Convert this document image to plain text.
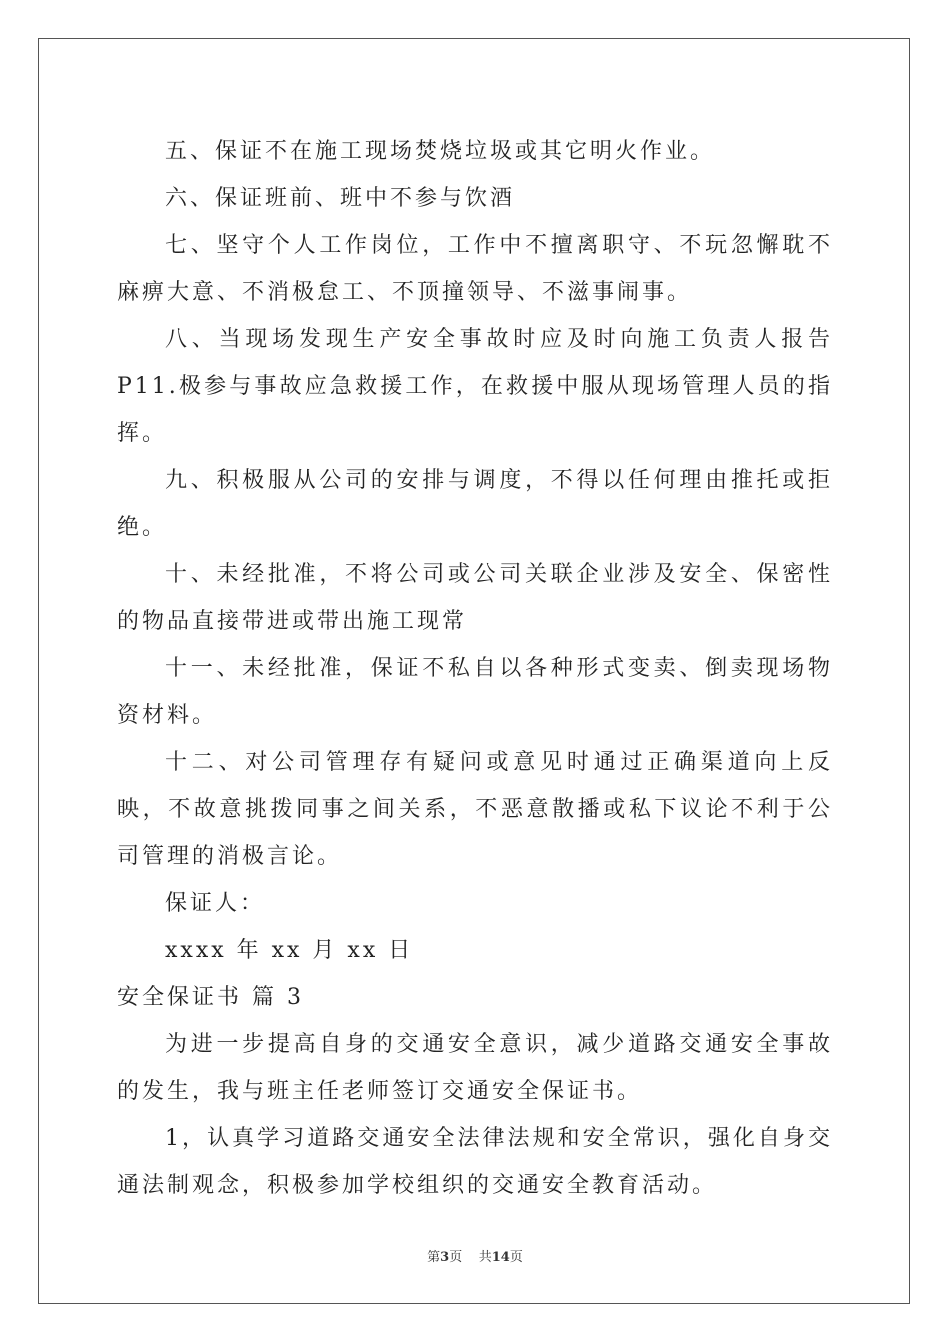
五、保证不在施工现场焚烧垃圾或其它明火作业。

六、保证班前、班中不参与饮酒

七、坚守个人工作岗位，工作中不擅离职守、不玩忽懈耽不麻痹大意、不消极怠工、不顶撞领导、不滋事闹事。

八、当现场发现生产安全事故时应及时向施工负责人报告 P11.极参与事故应急救援工作，在救援中服从现场管理人员的指挥。

九、积极服从公司的安排与调度，不得以任何理由推托或拒绝。

十、未经批准，不将公司或公司关联企业涉及安全、保密性的物品直接带进或带出施工现常

十一、未经批准，保证不私自以各种形式变卖、倒卖现场物资材料。

十二、对公司管理存有疑问或意见时通过正确渠道向上反映，不故意挑拨同事之间关系，不恶意散播或私下议论不利于公司管理的消极言论。

保证人：

xxxx 年 xx 月 xx 日

安全保证书 篇 3

为进一步提高自身的交通安全意识，减少道路交通安全事故的发生，我与班主任老师签订交通安全保证书。

1，认真学习道路交通安全法律法规和安全常识，强化自身交通法制观念，积极参加学校组织的交通安全教育活动。

第3页    共14页
